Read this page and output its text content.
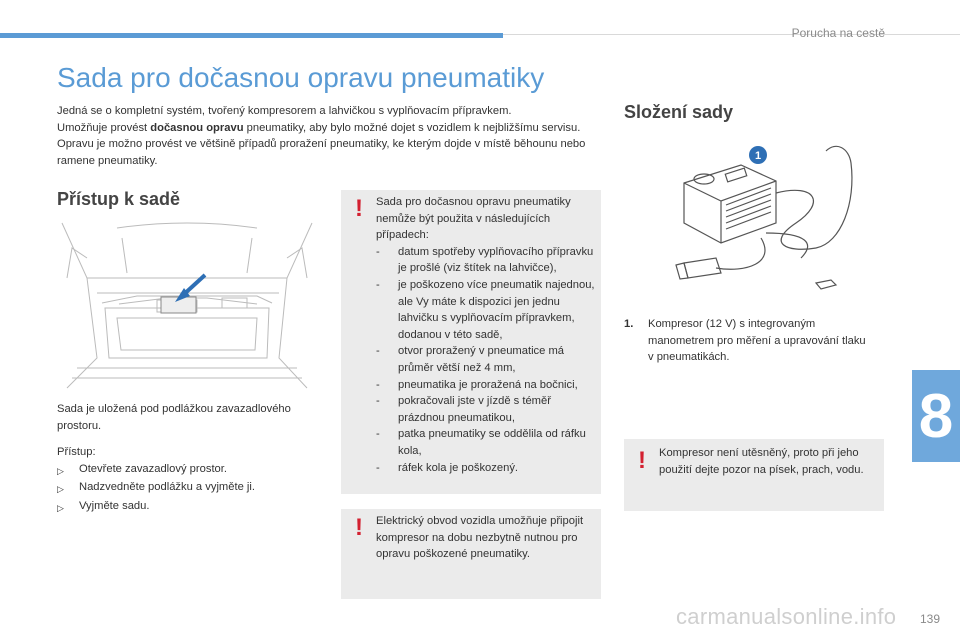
Porucha na cestě
8
Sada pro dočasnou opravu pneumatiky

Jedná se o kompletní systém, tvořený kompresorem a lahvičkou s vyplňovacím přípravkem.

Umožňuje provést dočasnou opravu pneumatiky, aby bylo možné dojet s vozidlem k nejbližšímu servisu.

Opravu je možno provést ve většině případů proražení pneumatiky, ke kterým dojde v místě běhounu nebo ramene pneumatiky.

Přístup k sadě
Sada je uložená pod podlážkou zavazadlového prostoru.
Přístup:
▷	Otevřete zavazadlový prostor.
▷	Nadzvedněte podlážku a vyjměte ji.
▷	Vyjměte sadu.
! Sada pro dočasnou opravu pneumatiky nemůže být použita v následujících případech:
-	datum spotřeby vyplňovacího přípravku je prošlé (viz štítek na lahvičce),
-	je poškozeno více pneumatik najednou, ale Vy máte k dispozici jen jednu lahvičku s vyplňovacím přípravkem, dodanou v této sadě,
-	otvor proražený v pneumatice má průměr větší než 4 mm,
-	pneumatika je proražená na bočnici,
-	pokračovali jste v jízdě s téměř prázdnou pneumatikou,
-	patka pneumatiky se oddělila od ráfku kola,
-	ráfek kola je poškozený.
! Elektrický obvod vozidla umožňuje připojit kompresor na dobu nezbytně nutnou pro opravu poškozené pneumatiky.
Složení sady
1
1.	Kompresor (12 V) s integrovaným manometrem pro měření a upravování tlaku v pneumatikách.
! Kompresor není utěsněný, proto při jeho použití dejte pozor na písek, prach, vodu.
139
carmanualsonline.info
